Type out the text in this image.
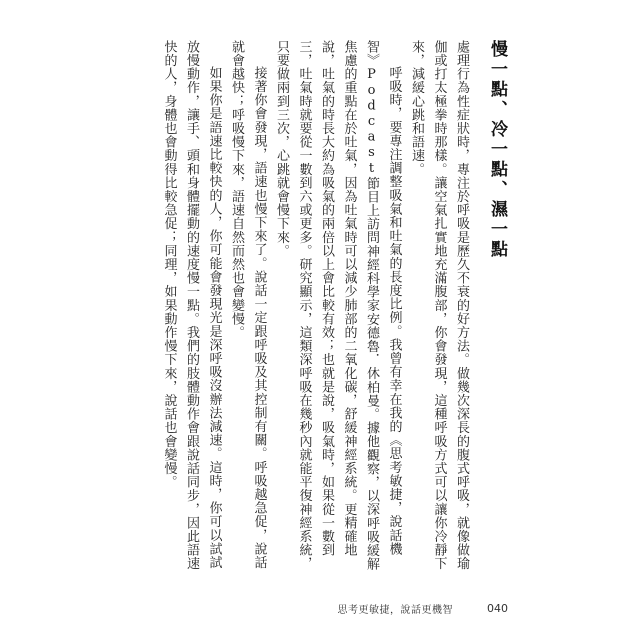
慢一點、冷一點、濕一點

處理行為性症狀時，專注於呼吸是歷久不衰的好方法。做幾次深長的腹式呼吸，就像做瑜伽或打太極拳時那樣。讓空氣扎實地充滿腹部，你會發現，這種呼吸方式可以讓你冷靜下來，減緩心跳和語速。

呼吸時，要專注調整吸氣和吐氣的長度比例。我曾有幸在我的《思考敏捷，說話機智》Podcast節目上訪問神經科學家安德魯．休柏曼。據他觀察，以深呼吸緩解焦慮的重點在於吐氣，因為吐氣時可以減少肺部的二氧化碳，舒緩神經系統。更精確地說，吐氣的時長大約為吸氣的兩倍以上會比較有效；也就是說，吸氣時，如果從一數到三，吐氣時就要從一數到六或更多。研究顯示，這類深呼吸在幾秒內就能平復神經系統，只要做兩到三次，心跳就會慢下來。

接著你會發現，語速也慢下來了。說話一定跟呼吸及其控制有關。呼吸越急促，說話就會越快；呼吸慢下來，語速自然而然也會變慢。

如果你是語速比較快的人，你可能會發現光是深呼吸沒辦法減速。這時，你可以試試放慢動作，讓手、頭和身體擺動的速度慢一點。我們的肢體動作會跟說話同步，因此語速快的人，身體也會動得比較急促；同理，如果動作慢下來，說話也會變慢。

思考更敏捷，說話更機智	040
